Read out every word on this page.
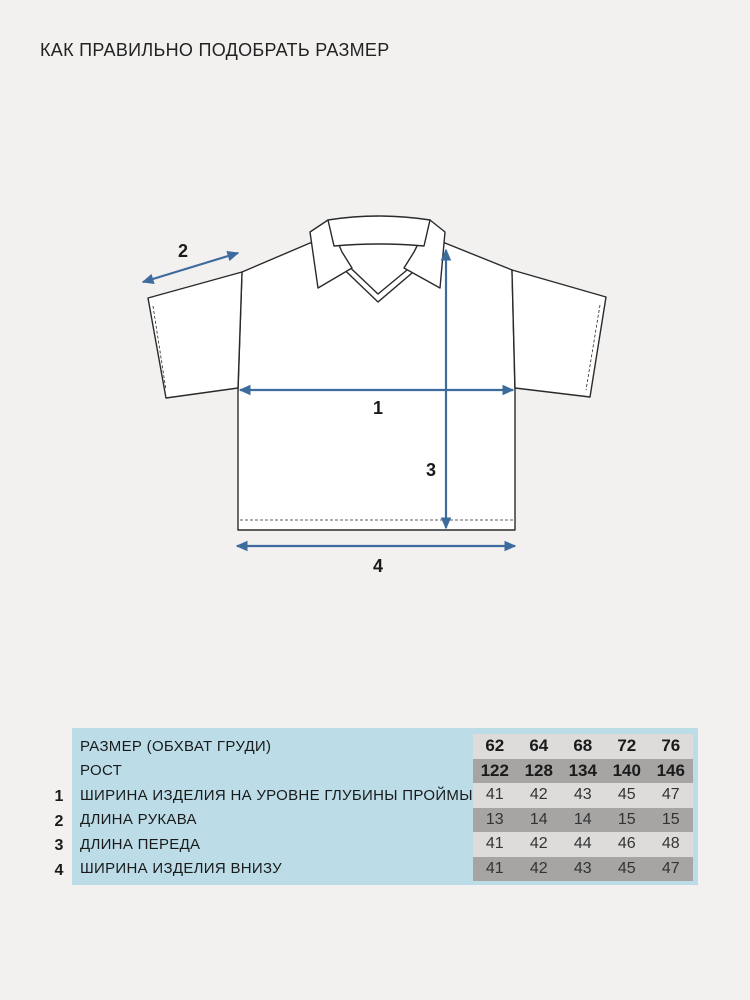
КАК ПРАВИЛЬНО ПОДОБРАТЬ РАЗМЕР
1
2
3
4
1
2
3
4
РАЗМЕР (ОБХВАТ ГРУДИ)	62	64	68	72	76
РОСТ	122	128	134	140	146
ШИРИНА ИЗДЕЛИЯ НА УРОВНЕ ГЛУБИНЫ ПРОЙМЫ	41	42	43	45	47
ДЛИНА РУКАВА	13	14	14	15	15
ДЛИНА ПЕРЕДА	41	42	44	46	48
ШИРИНА ИЗДЕЛИЯ ВНИЗУ	41	42	43	45	47
